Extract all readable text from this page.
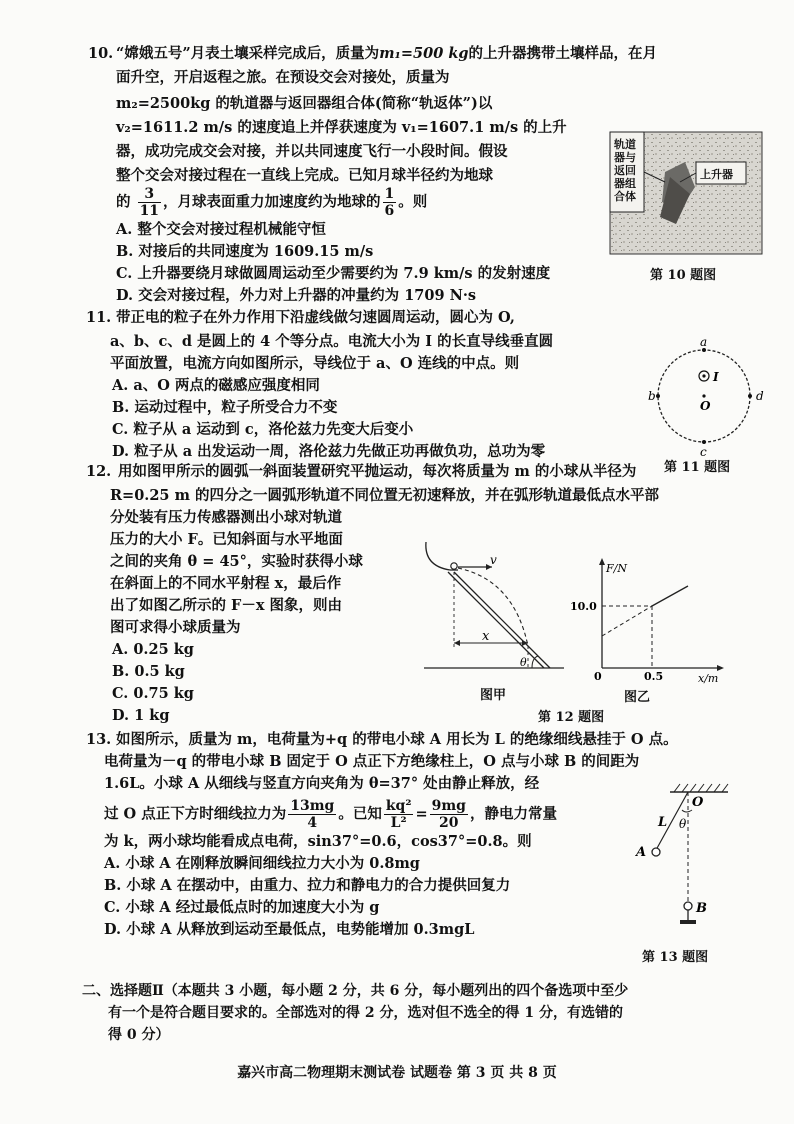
10. “嫦娥五号”月表土壤采样完成后，质量为m₁=500 kg的上升器携带土壤样品，在月
面升空，开启返程之旅。在预设交会对接处，质量为
m₂=2500kg 的轨道器与返回器组合体(简称“轨返体”)以
v₂=1611.2 m/s 的速度追上并俘获速度为 v₁=1607.1 m/s 的上升
器，成功完成交会对接，并以共同速度飞行一小段时间。假设
整个交会对接过程在一直线上完成。已知月球半径约为地球
的 $\frac{3}{11}$ ，月球表面重力加速度约为地球的 $\frac{1}{6}$ 。则
A. 整个交会对接过程机械能守恒
B. 对接后的共同速度为 1609.15 m/s
C. 上升器要绕月球做圆周运动至少需要约为 7.9 km/s 的发射速度
D. 交会对接过程，外力对上升器的冲量约为 1709 N·s
轨道器与返回器组合体
上升器
第 10 题图
11. 带正电的粒子在外力作用下沿虚线做匀速圆周运动，圆心为 O,
a、b、c、d 是圆上的 4 个等分点。电流大小为 I 的长直导线垂直圆
平面放置，电流方向如图所示，导线位于 a、O 连线的中点。则
A. a、O 两点的磁感应强度相同
B. 运动过程中，粒子所受合力不变
C. 粒子从 a 运动到 c，洛伦兹力先变大后变小
D. 粒子从 a 出发运动一周，洛伦兹力先做正功再做负功，总功为零
a
b
c
d
I
O
第 11 题图
12. 用如图甲所示的圆弧一斜面装置研究平抛运动，每次将质量为 m 的小球从半径为
R=0.25 m 的四分之一圆弧形轨道不同位置无初速释放，并在弧形轨道最低点水平部
分处装有压力传感器测出小球对轨道
压力的大小 F。已知斜面与水平地面
之间的夹角 θ = 45°，实验时获得小球
在斜面上的不同水平射程 x，最后作
出了如图乙所示的 F－x 图象，则由
图可求得小球质量为
A. 0.25 kg
B. 0.5 kg
C. 0.75 kg
D. 1 kg
v
x
θ
图甲
F/N
x/m
10.0
0.5
0
图乙
第 12 题图
13. 如图所示，质量为 m，电荷量为+q 的带电小球 A 用长为 L 的绝缘细线悬挂于 O 点。
电荷量为－q 的带电小球 B 固定于 O 点正下方绝缘柱上，O 点与小球 B 的间距为
1.6L。小球 A 从细线与竖直方向夹角为 θ=37° 处由静止释放，经
过 O 点正下方时细线拉力为 $\frac{13mg}{4}$ 。已知 $\frac{\text{kq²}}{\text{L²}} = \frac{9mg}{20}$ ，静电力常量
为 k，两小球均能看成点电荷，sin37°=0.6，cos37°=0.8。则
A. 小球 A 在刚释放瞬间细线拉力大小为 0.8mg
B. 小球 A 在摆动中，由重力、拉力和静电力的合力提供回复力
C. 小球 A 经过最低点时的加速度大小为 g
D. 小球 A 从释放到运动至最低点，电势能增加 0.3mgL
O
L θ
A
B
第 13 题图
二、选择题Ⅱ（本题共 3 小题，每小题 2 分，共 6 分，每小题列出的四个备选项中至少
有一个是符合题目要求的。全部选对的得 2 分，选对但不选全的得 1 分，有选错的
得 0 分）
嘉兴市高二物理期末测试卷 试题卷 第 3 页 共 8 页
